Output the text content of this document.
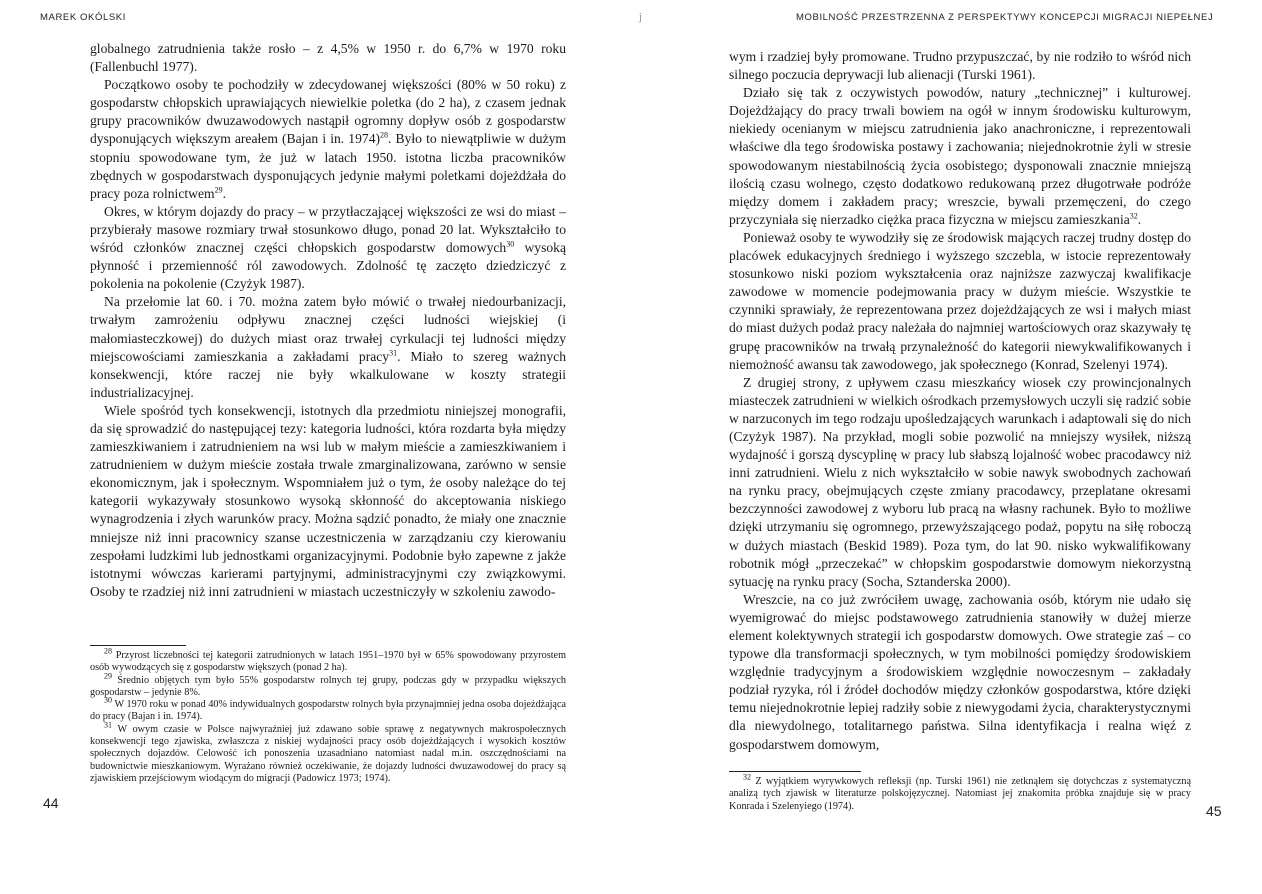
MAREK OKÓLSKI	j

globalnego zatrudnienia także rosło – z 4,5% w 1950 r. do 6,7% w 1970 roku (Fallenbuchl 1977).

Początkowo osoby te pochodziły w zdecydowanej większości (80% w 50 roku) z gospodarstw chłopskich uprawiających niewielkie poletka (do 2 ha), z czasem jednak grupy pracowników dwuzawodowych nastąpił ogromny dopływ osób z gospodarstw dysponujących większym areałem (Bajan i in. 1974)$^{28}$. Było to niewątpliwie w dużym stopniu spowodowane tym, że już w latach 1950. istotna liczba pracowników zbędnych w gospodarstwach dysponujących jedynie małymi poletkami dojeżdżała do pracy poza rolnictwem$^{29}$.

Okres, w którym dojazdy do pracy – w przytłaczającej większości ze wsi do miast – przybierały masowe rozmiary trwał stosunkowo długo, ponad 20 lat. Wykształciło to wśród członków znacznej części chłopskich gospodarstw domowych$^{30}$ wysoką płynność i przemienność ról zawodowych. Zdolność tę zaczęto dziedziczyć z pokolenia na pokolenie (Czyżyk 1987).

Na przełomie lat 60. i 70. można zatem było mówić o trwałej niedourbanizacji, trwałym zamrożeniu odpływu znacznej części ludności wiejskiej (i małomiasteczkowej) do dużych miast oraz trwałej cyrkulacji tej ludności między miejscowościami zamieszkania a zakładami pracy$^{31}$. Miało to szereg ważnych konsekwencji, które raczej nie były wkalkulowane w koszty strategii industrializacyjnej.

Wiele spośród tych konsekwencji, istotnych dla przedmiotu niniejszej monografii, da się sprowadzić do następującej tezy: kategoria ludności, która rozdarta była między zamieszkiwaniem i zatrudnieniem na wsi lub w małym mieście a zamieszkiwaniem i zatrudnieniem w dużym mieście została trwale zmarginalizowana, zarówno w sensie ekonomicznym, jak i społecznym. Wspomniałem już o tym, że osoby należące do tej kategorii wykazywały stosunkowo wysoką skłonność do akceptowania niskiego wynagrodzenia i złych warunków pracy. Można sądzić ponadto, że miały one znacznie mniejsze niż inni pracownicy szanse uczestniczenia w zarządzaniu czy kierowaniu zespołami ludzkimi lub jednostkami organizacyjnymi. Podobnie było zapewne z jakże istotnymi wówczas karierami partyjnymi, administracyjnymi czy związkowymi. Osoby te rzadziej niż inni zatrudnieni w miastach uczestniczyły w szkoleniu zawodo-

$^{28}$ Przyrost liczebności tej kategorii zatrudnionych w latach 1951–1970 był w 65% spowodowany przyrostem osób wywodzących się z gospodarstw większych (ponad 2 ha).

$^{29}$ Średnio objętych tym było 55% gospodarstw rolnych tej grupy, podczas gdy w przypadku większych gospodarstw – jedynie 8%.

$^{30}$ W 1970 roku w ponad 40% indywidualnych gospodarstw rolnych była przynajmniej jedna osoba dojeżdżająca do pracy (Bajan i in. 1974).

$^{31}$ W owym czasie w Polsce najwyraźniej już zdawano sobie sprawę z negatywnych makrospołecznych konsekwencji tego zjawiska, zwłaszcza z niskiej wydajności pracy osób dojeżdżających i wysokich kosztów społecznych dojazdów. Celowość ich ponoszenia uzasadniano natomiast nadal m.in. oszczędnościami na budownictwie mieszkaniowym. Wyrażano również oczekiwanie, że dojazdy ludności dwuzawodowej do pracy są zjawiskiem przejściowym wiodącym do migracji (Padowicz 1973; 1974).

44
MOBILNOŚĆ PRZESTRZENNA Z PERSPEKTYWY KONCEPCJI MIGRACJI NIEPEŁNEJ

wym i rzadziej były promowane. Trudno przypuszczać, by nie rodziło to wśród nich silnego poczucia deprywacji lub alienacji (Turski 1961).

Działo się tak z oczywistych powodów, natury „technicznej” i kulturowej. Dojeżdżający do pracy trwali bowiem na ogół w innym środowisku kulturowym, niekiedy ocenianym w miejscu zatrudnienia jako anachroniczne, i reprezentowali właściwe dla tego środowiska postawy i zachowania; niejednokrotnie żyli w stresie spowodowanym niestabilnością życia osobistego; dysponowali znacznie mniejszą ilością czasu wolnego, często dodatkowo redukowaną przez długotrwałe podróże między domem i zakładem pracy; wreszcie, bywali przemęczeni, do czego przyczyniała się nierzadko ciężka praca fizyczna w miejscu zamieszkania$^{32}$.

Ponieważ osoby te wywodziły się ze środowisk mających raczej trudny dostęp do placówek edukacyjnych średniego i wyższego szczebla, w istocie reprezentowały stosunkowo niski poziom wykształcenia oraz najniższe zazwyczaj kwalifikacje zawodowe w momencie podejmowania pracy w dużym mieście. Wszystkie te czynniki sprawiały, że reprezentowana przez dojeżdżających ze wsi i małych miast do miast dużych podaż pracy należała do najmniej wartościowych oraz skazywały tę grupę pracowników na trwałą przynależność do kategorii niewykwalifikowanych i niemożność awansu tak zawodowego, jak społecznego (Konrad, Szelenyi 1974).

Z drugiej strony, z upływem czasu mieszkańcy wiosek czy prowincjonalnych miasteczek zatrudnieni w wielkich ośrodkach przemysłowych uczyli się radzić sobie w narzuconych im tego rodzaju upośledzających warunkach i adaptowali się do nich (Czyżyk 1987). Na przykład, mogli sobie pozwolić na mniejszy wysiłek, niższą wydajność i gorszą dyscyplinę w pracy lub słabszą lojalność wobec pracodawcy niż inni zatrudnieni. Wielu z nich wykształciło w sobie nawyk swobodnych zachowań na rynku pracy, obejmujących częste zmiany pracodawcy, przeplatane okresami bezczynności zawodowej z wyboru lub pracą na własny rachunek. Było to możliwe dzięki utrzymaniu się ogromnego, przewyższającego podaż, popytu na siłę roboczą w dużych miastach (Beskid 1989). Poza tym, do lat 90. nisko wykwalifikowany robotnik mógł „przeczekać” w chłopskim gospodarstwie domowym niekorzystną sytuację na rynku pracy (Socha, Sztanderska 2000).

Wreszcie, na co już zwróciłem uwagę, zachowania osób, którym nie udało się wyemigrować do miejsc podstawowego zatrudnienia stanowiły w dużej mierze element kolektywnych strategii ich gospodarstw domowych. Owe strategie zaś – co typowe dla transformacji społecznych, w tym mobilności pomiędzy środowiskiem względnie tradycyjnym a środowiskiem względnie nowoczesnym – zakładały podział ryzyka, ról i źródeł dochodów między członków gospodarstwa, które dzięki temu niejednokrotnie lepiej radziły sobie z niewygodami życia, charakterystycznymi dla niewydolnego, totalitarnego państwa. Silna identyfikacja i realna więź z gospodarstwem domowym,

$^{32}$ Z wyjątkiem wyrywkowych refleksji (np. Turski 1961) nie zetknąłem się dotychczas z systematyczną analizą tych zjawisk w literaturze polskojęzycznej. Natomiast jej znakomita próbka znajduje się w pracy Konrada i Szelenyiego (1974).	45
